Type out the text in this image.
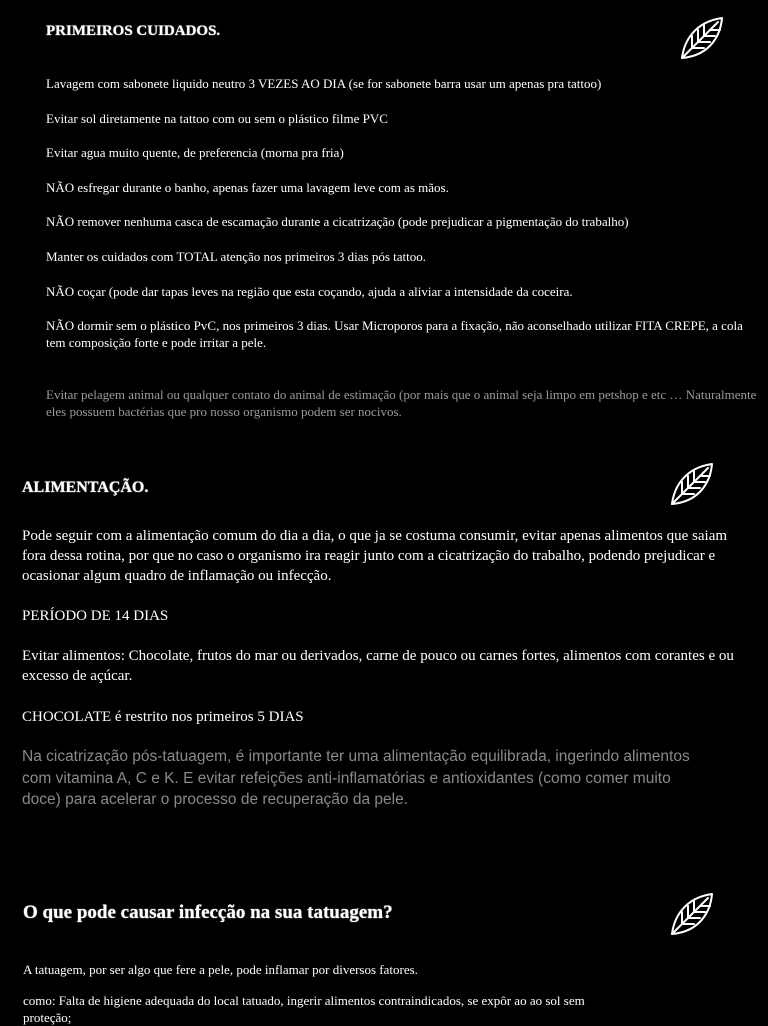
PRIMEIROS CUIDADOS.
Lavagem com sabonete liquido neutro 3 VEZES AO DIA (se for sabonete barra usar um apenas pra tattoo)
Evitar sol diretamente na tattoo com ou sem o plástico filme PVC
Evitar agua muito quente, de preferencia (morna pra fria)
NÃO esfregar durante o banho, apenas fazer uma lavagem leve com as mãos.
NÃO remover nenhuma casca de escamação durante a cicatrização (pode prejudicar a pigmentação do trabalho)
Manter os cuidados com TOTAL atenção nos primeiros 3 dias pós tattoo.
NÃO coçar (pode dar tapas leves na região que esta coçando, ajuda a aliviar a intensidade da coceira.
NÃO dormir sem o plástico PvC, nos primeiros 3 dias. Usar Microporos para a fixação, não aconselhado utilizar FITA CREPE, a cola tem composição forte e pode irritar a pele.
Evitar pelagem animal ou qualquer contato do animal de estimação (por mais que o animal seja limpo em petshop e etc … Naturalmente eles possuem bactérias que pro nosso organismo podem ser nocivos.
ALIMENTAÇÃO.
Pode seguir com a alimentação comum do dia a dia, o que ja se costuma consumir, evitar apenas alimentos que saiam fora dessa rotina, por que no caso o organismo ira reagir junto com a cicatrização do trabalho, podendo prejudicar e ocasionar algum quadro de inflamação ou infecção.
PERÍODO DE 14 DIAS
Evitar alimentos: Chocolate, frutos do mar ou derivados, carne de pouco ou carnes fortes, alimentos com corantes e ou excesso de açúcar.
CHOCOLATE é restrito nos primeiros 5 DIAS
Na cicatrização pós-tatuagem, é importante ter uma alimentação equilibrada, ingerindo alimentos com vitamina A, C e K. E evitar refeições anti-inflamatórias e antioxidantes (como comer muito doce) para acelerar o processo de recuperação da pele.
O que pode causar infecção na sua tatuagem?
A tatuagem, por ser algo que fere a pele, pode inflamar por diversos fatores.
como: Falta de higiene adequada do local tatuado, ingerir alimentos contraindicados, se expôr ao ao sol sem proteção;
